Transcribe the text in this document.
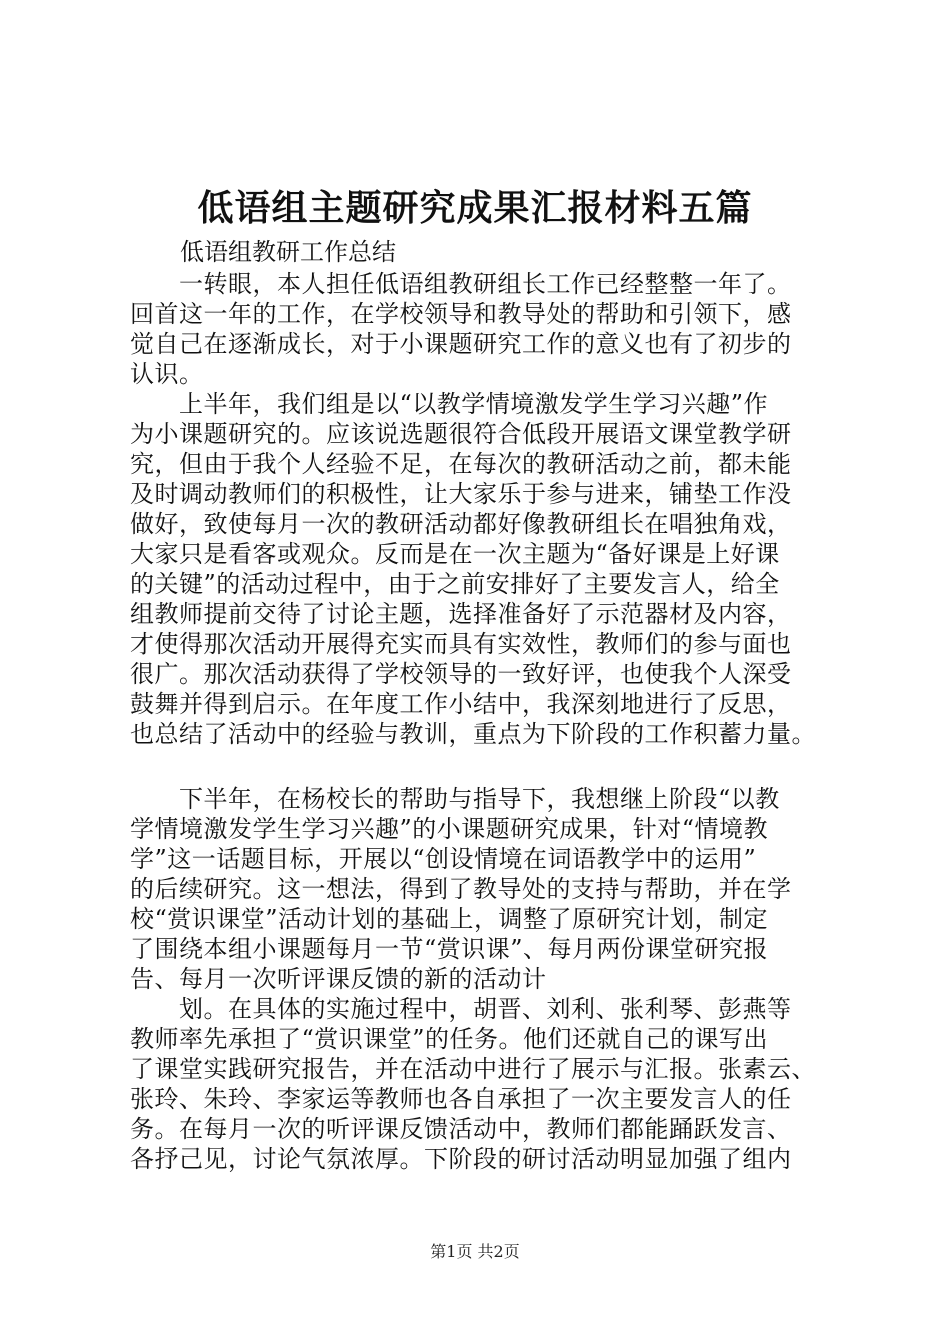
低语组主题研究成果汇报材料五篇
低语组教研工作总结
　　一转眼，本人担任低语组教研组长工作已经整整一年了。
回首这一年的工作，在学校领导和教导处的帮助和引领下，感
觉自己在逐渐成长，对于小课题研究工作的意义也有了初步的
认识。
　　上半年，我们组是以“以教学情境激发学生学习兴趣”作
为小课题研究的。应该说选题很符合低段开展语文课堂教学研
究，但由于我个人经验不足，在每次的教研活动之前，都未能
及时调动教师们的积极性，让大家乐于参与进来，铺垫工作没
做好，致使每月一次的教研活动都好像教研组长在唱独角戏，
大家只是看客或观众。反而是在一次主题为“备好课是上好课
的关键”的活动过程中，由于之前安排好了主要发言人，给全
组教师提前交待了讨论主题，选择准备好了示范器材及内容，
才使得那次活动开展得充实而具有实效性，教师们的参与面也
很广。那次活动获得了学校领导的一致好评，也使我个人深受
鼓舞并得到启示。在年度工作小结中，我深刻地进行了反思，
也总结了活动中的经验与教训，重点为下阶段的工作积蓄力量。
　　下半年，在杨校长的帮助与指导下，我想继上阶段“以教
学情境激发学生学习兴趣”的小课题研究成果，针对“情境教
学”这一话题目标，开展以“创设情境在词语教学中的运用”
的后续研究。这一想法，得到了教导处的支持与帮助，并在学
校“赏识课堂”活动计划的基础上，调整了原研究计划，制定
了围绕本组小课题每月一节“赏识课”、每月两份课堂研究报
告、每月一次听评课反馈的新的活动计
　　划。在具体的实施过程中，胡晋、刘利、张利琴、彭燕等
教师率先承担了“赏识课堂”的任务。他们还就自己的课写出
了课堂实践研究报告，并在活动中进行了展示与汇报。张素云、
张玲、朱玲、李家运等教师也各自承担了一次主要发言人的任
务。在每月一次的听评课反馈活动中，教师们都能踊跃发言、
各抒己见，讨论气氛浓厚。下阶段的研讨活动明显加强了组内
第1页 共2页
